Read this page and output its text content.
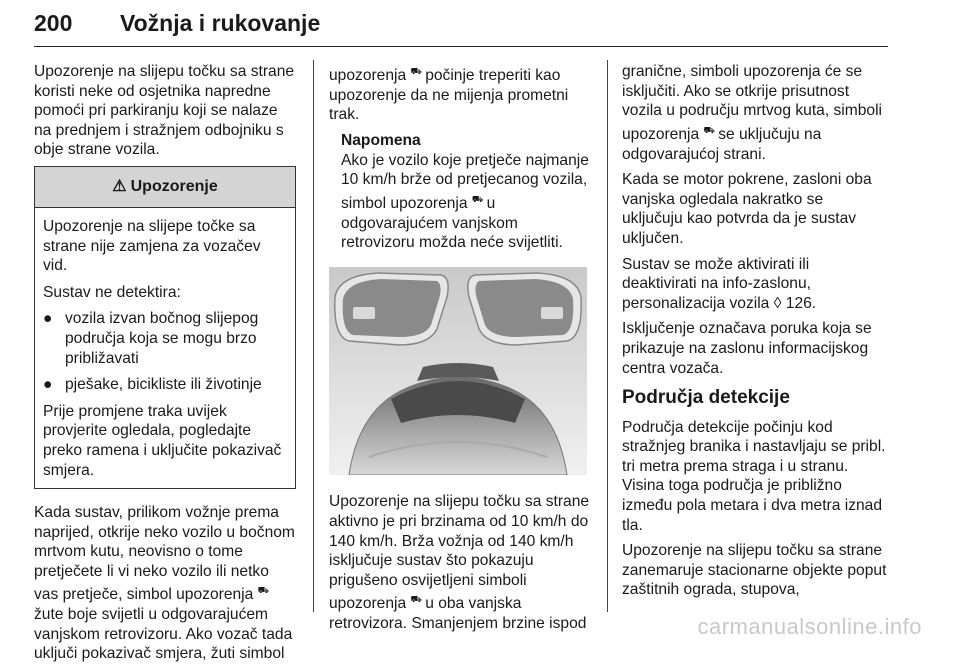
200 Vožnja i rukovanje

Upozorenje na slijepu točku sa strane koristi neke od osjetnika napredne pomoći pri parkiranju koji se nalaze na prednjem i stražnjem odbojniku s obje strane vozila.

⚠ Upozorenje

Upozorenje na slijepe točke sa strane nije zamjena za vozačev vid.

Sustav ne detektira:

● vozila izvan bočnog slijepog područja koja se mogu brzo približavati
● pješake, bicikliste ili životinje

Prije promjene traka uvijek provjerite ogledala, pogledajte preko ramena i uključite pokazivač smjera.

Kada sustav, prilikom vožnje prema naprijed, otkrije neko vozilo u bočnom mrtvom kutu, neovisno o tome pretječete li vi neko vozilo ili netko vas pretječe, simbol upozorenja ⛟ žute boje svijetli u odgovarajućem vanjskom retrovizoru. Ako vozač tada uključi pokazivač smjera, žuti simbol

upozorenja ⛟ počinje treperiti kao upozorenje da ne mijenja prometni trak.

Napomena

Ako je vozilo koje pretječe najmanje 10 km/h brže od pretjecanog vozila, simbol upozorenja ⛟ u odgovarajućem vanjskom retrovizoru možda neće svijetliti.

Upozorenje na slijepu točku sa strane aktivno je pri brzinama od 10 km/h do 140 km/h. Brža vožnja od 140 km/h isključuje sustav što pokazuju prigušeno osvijetljeni simboli upozorenja ⛟ u oba vanjska retrovizora. Smanjenjem brzine ispod

granične, simboli upozorenja će se isključiti. Ako se otkrije prisutnost vozila u području mrtvog kuta, simboli upozorenja ⛟ se uključuju na odgovarajućoj strani.

Kada se motor pokrene, zasloni oba vanjska ogledala nakratko se uključuju kao potvrda da je sustav uključen.

Sustav se može aktivirati ili deaktivirati na info-zaslonu, personalizacija vozila ◊ 126.

Isključenje označava poruka koja se prikazuje na zaslonu informacijskog centra vozača.

Područja detekcije

Područja detekcije počinju kod stražnjeg branika i nastavljaju se pribl. tri metra prema straga i u stranu. Visina toga područja je približno između pola metara i dva metra iznad tla.

Upozorenje na slijepu točku sa strane zanemaruje stacionarne objekte poput zaštitnih ograda, stupova,

carmanualsonline.info
